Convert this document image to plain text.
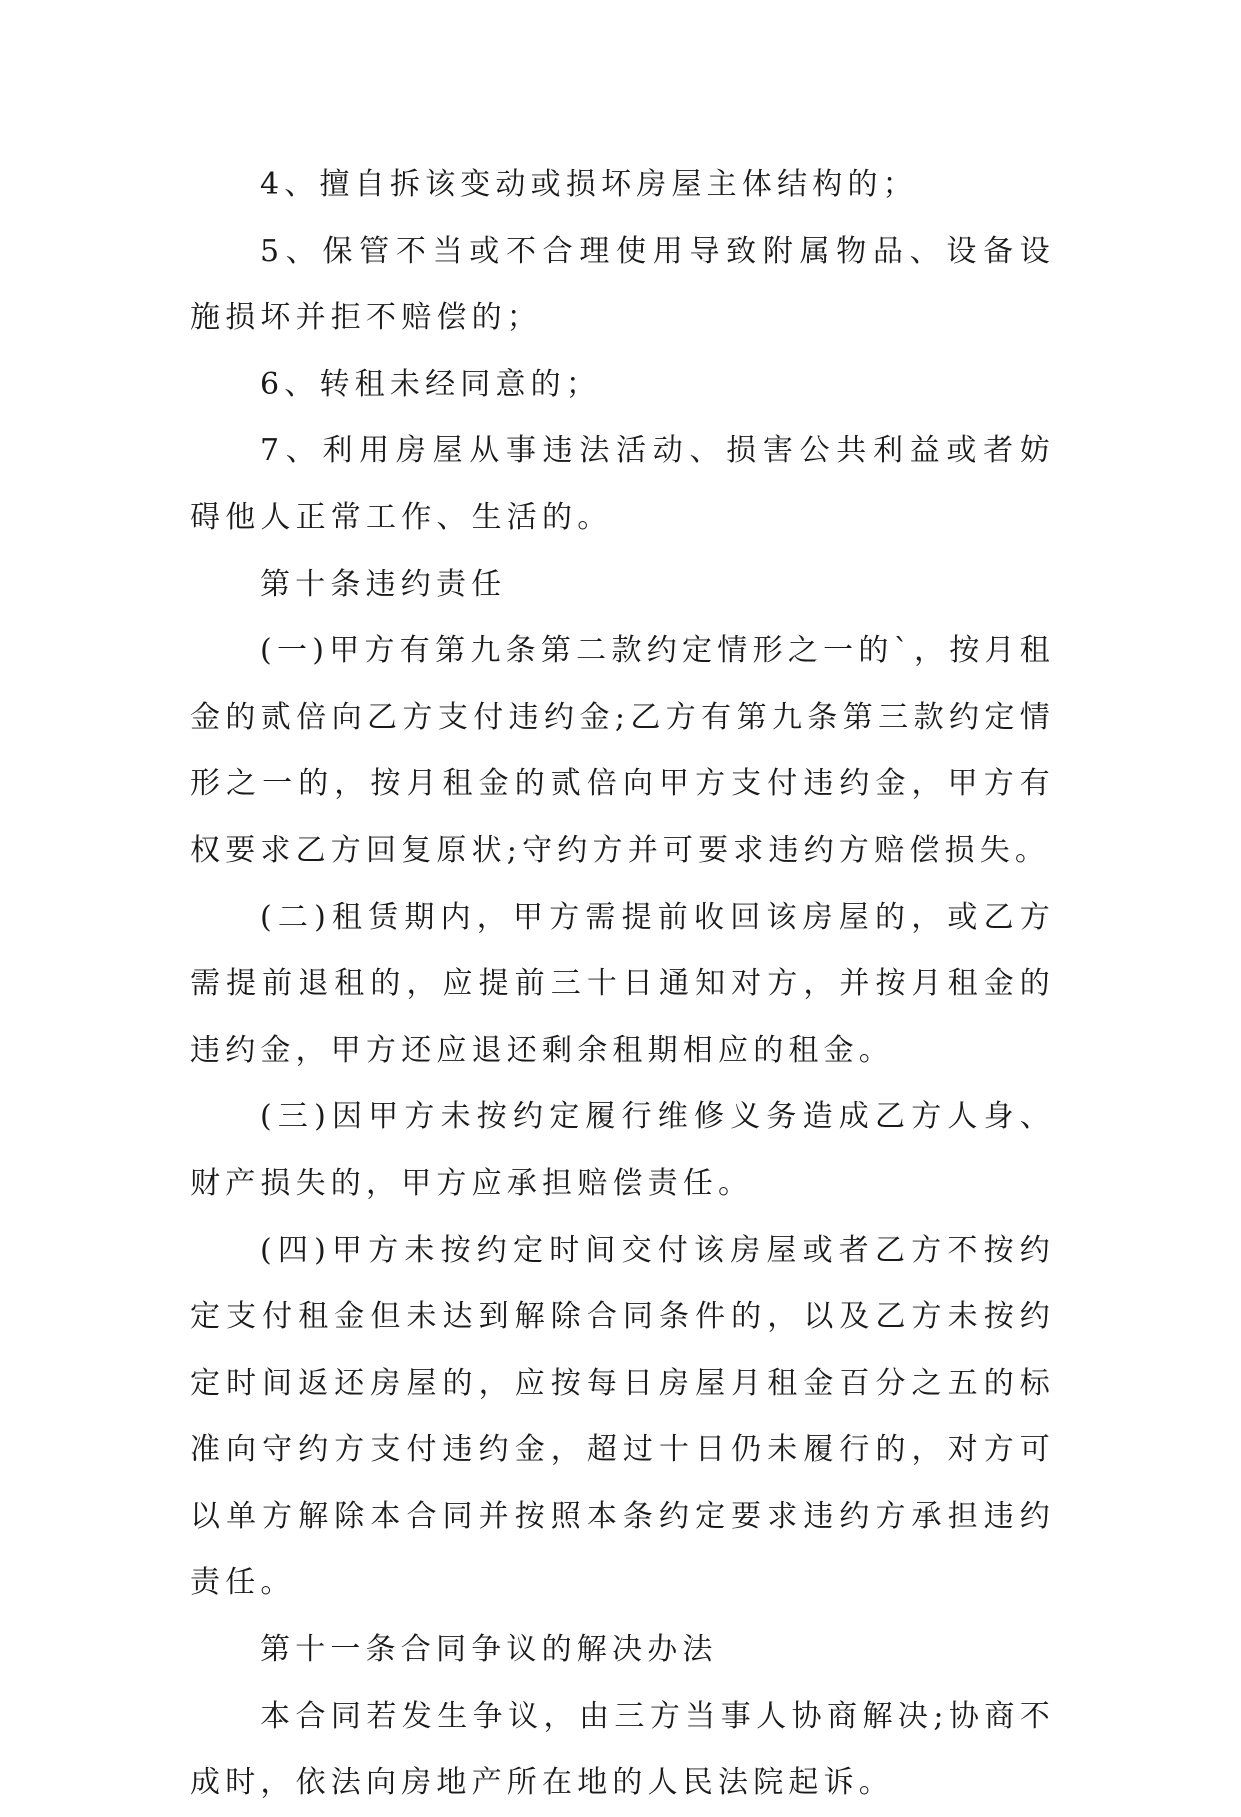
4、擅自拆该变动或损坏房屋主体结构的；

5、保管不当或不合理使用导致附属物品、设备设施损坏并拒不赔偿的；

6、转租未经同意的；

7、利用房屋从事违法活动、损害公共利益或者妨碍他人正常工作、生活的。

第十条违约责任

(一)甲方有第九条第二款约定情形之一的`，按月租金的贰倍向乙方支付违约金;乙方有第九条第三款约定情形之一的，按月租金的贰倍向甲方支付违约金，甲方有权要求乙方回复原状;守约方并可要求违约方赔偿损失。

(二)租赁期内，甲方需提前收回该房屋的，或乙方需提前退租的，应提前三十日通知对方，并按月租金的违约金，甲方还应退还剩余租期相应的租金。

(三)因甲方未按约定履行维修义务造成乙方人身、财产损失的，甲方应承担赔偿责任。

(四)甲方未按约定时间交付该房屋或者乙方不按约定支付租金但未达到解除合同条件的，以及乙方未按约定时间返还房屋的，应按每日房屋月租金百分之五的标准向守约方支付违约金，超过十日仍未履行的，对方可以单方解除本合同并按照本条约定要求违约方承担违约责任。

第十一条合同争议的解决办法

本合同若发生争议，由三方当事人协商解决;协商不成时，依法向房地产所在地的人民法院起诉。
